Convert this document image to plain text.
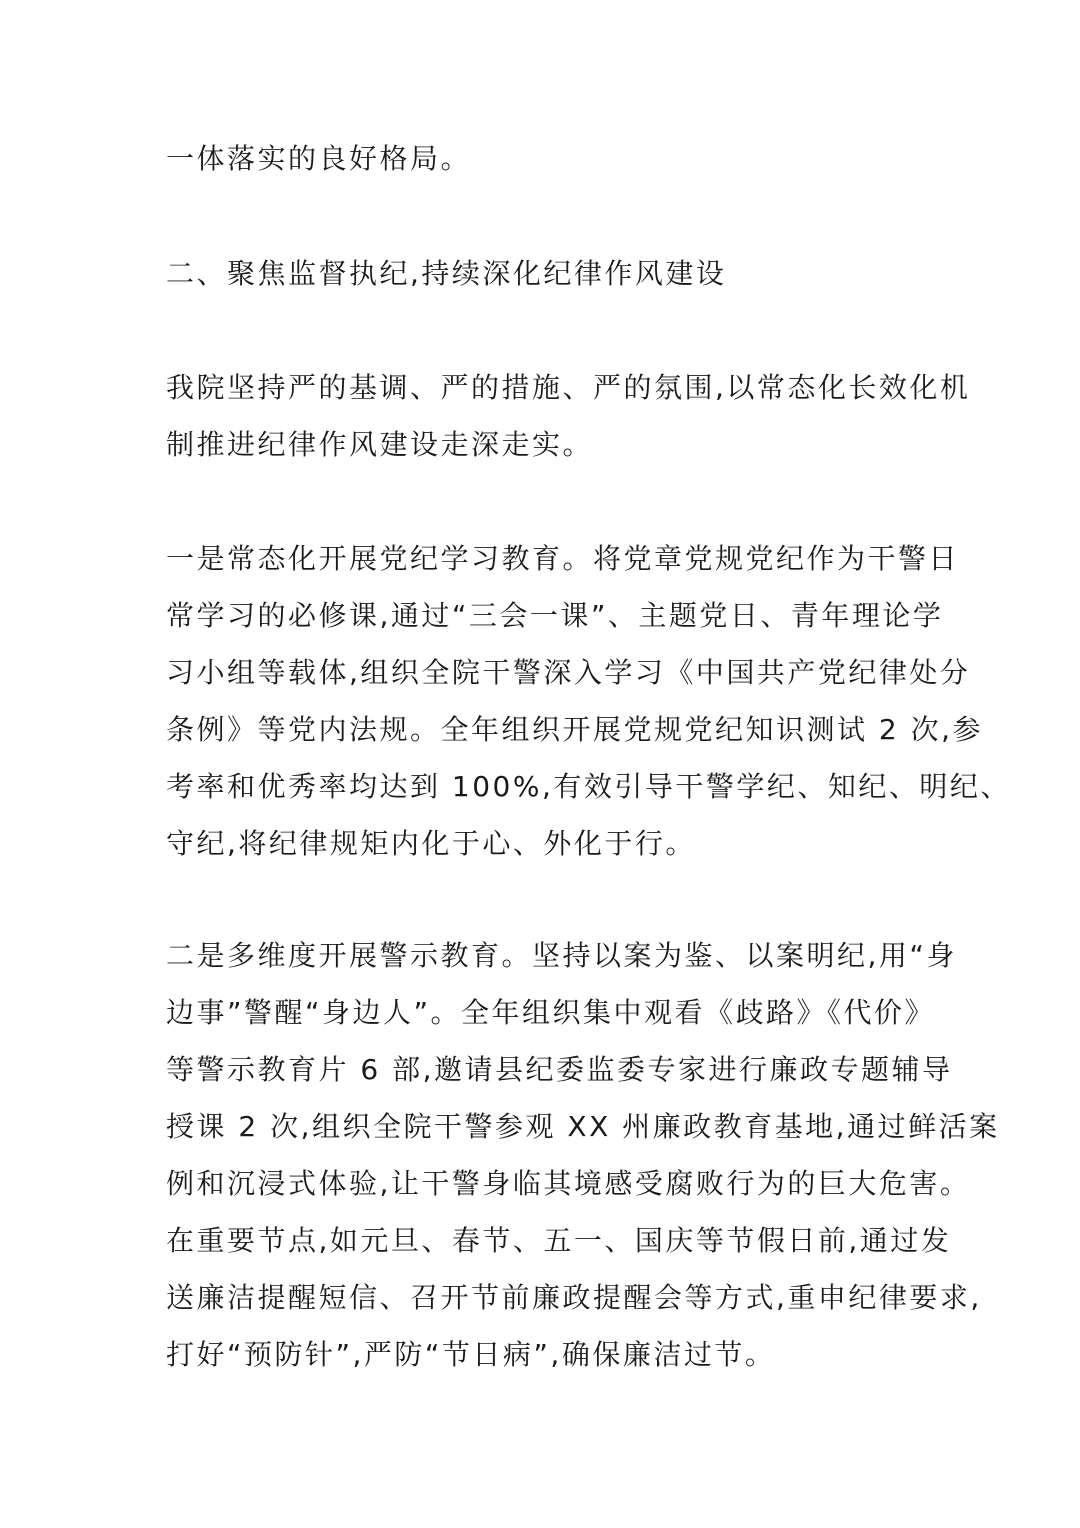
一体落实的良好格局。
二、聚焦监督执纪,持续深化纪律作风建设
我院坚持严的基调、严的措施、严的氛围,以常态化长效化机
制推进纪律作风建设走深走实。
一是常态化开展党纪学习教育。将党章党规党纪作为干警日
常学习的必修课,通过“三会一课”、主题党日、青年理论学
习小组等载体,组织全院干警深入学习《中国共产党纪律处分
条例》等党内法规。全年组织开展党规党纪知识测试 2 次,参
考率和优秀率均达到 100%,有效引导干警学纪、知纪、明纪、
守纪,将纪律规矩内化于心、外化于行。
二是多维度开展警示教育。坚持以案为鉴、以案明纪,用“身
边事”警醒“身边人”。全年组织集中观看《歧路》《代价》
等警示教育片 6 部,邀请县纪委监委专家进行廉政专题辅导
授课 2 次,组织全院干警参观 XX 州廉政教育基地,通过鲜活案
例和沉浸式体验,让干警身临其境感受腐败行为的巨大危害。
在重要节点,如元旦、春节、五一、国庆等节假日前,通过发
送廉洁提醒短信、召开节前廉政提醒会等方式,重申纪律要求,
打好“预防针”,严防“节日病”,确保廉洁过节。
